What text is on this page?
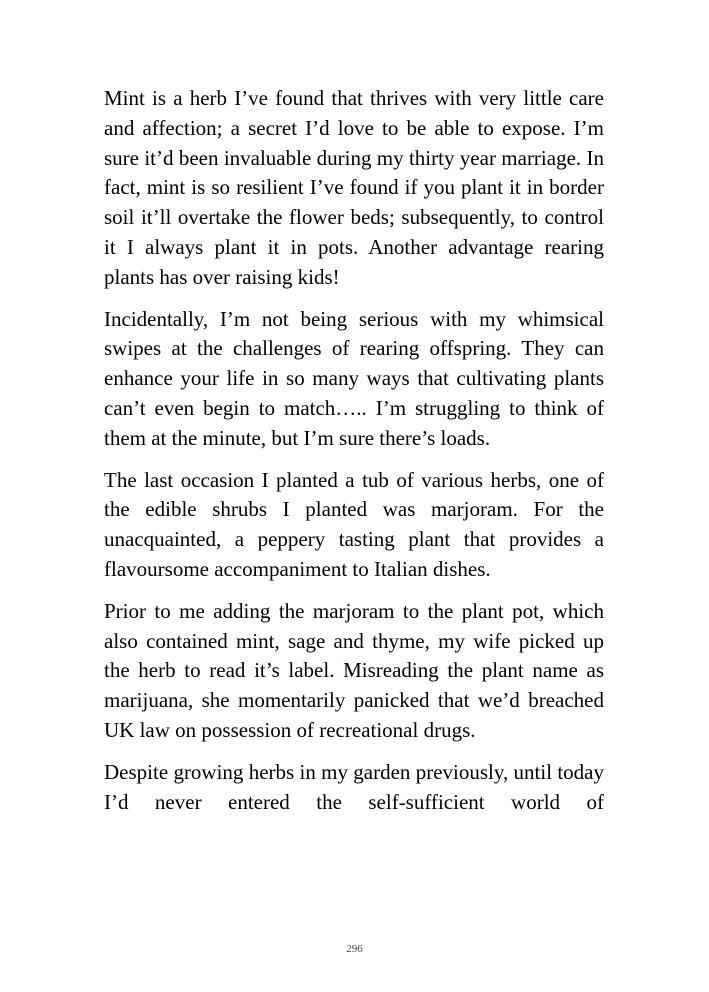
Mint is a herb I’ve found that thrives with very little care and affection; a secret I’d love to be able to expose. I’m sure it’d been invaluable during my thirty year marriage. In fact, mint is so resilient I’ve found if you plant it in border soil it’ll overtake the flower beds; subsequently, to control it I always plant it in pots. Another advantage rearing plants has over raising kids!

Incidentally, I’m not being serious with my whimsical swipes at the challenges of rearing offspring. They can enhance your life in so many ways that cultivating plants can’t even begin to match….. I’m struggling to think of them at the minute, but I’m sure there’s loads.

The last occasion I planted a tub of various herbs, one of the edible shrubs I planted was marjoram. For the unacquainted, a peppery tasting plant that provides a flavoursome accompaniment to Italian dishes.

Prior to me adding the marjoram to the plant pot, which also contained mint, sage and thyme, my wife picked up the herb to read it’s label. Misreading the plant name as marijuana, she momentarily panicked that we’d breached UK law on possession of recreational drugs.

Despite growing herbs in my garden previously, until today I’d never entered the self-sufficient world of

296
